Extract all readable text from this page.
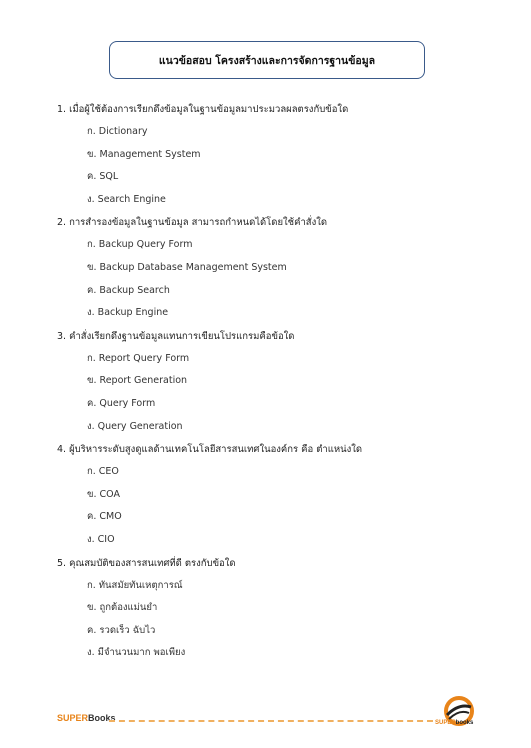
แนวข้อสอบ โครงสร้างและการจัดการฐานข้อมูล
1. เมื่อผู้ใช้ต้องการเรียกดึงข้อมูลในฐานข้อมูลมาประมวลผลตรงกับข้อใด
ก. Dictionary
ข. Management System
ค. SQL
ง. Search Engine
2. การสำรองข้อมูลในฐานข้อมูล สามารถกำหนดได้โดยใช้คำสั่งใด
ก. Backup Query Form
ข. Backup Database Management System
ค. Backup Search
ง. Backup Engine
3. คำสั่งเรียกดึงฐานข้อมูลแทนการเขียนโปรแกรมคือข้อใด
ก. Report Query Form
ข. Report Generation
ค. Query Form
ง. Query Generation
4. ผู้บริหารระดับสูงดูแลด้านเทคโนโลยีสารสนเทศในองค์กร คือ ตำแหน่งใด
ก. CEO
ข. COA
ค. CMO
ง. CIO
5. คุณสมบัติของสารสนเทศที่ดี ตรงกับข้อใด
ก. ทันสมัยทันเหตุการณ์
ข. ถูกต้องแม่นยำ
ค. รวดเร็ว ฉับไว
ง. มีจำนวนมาก พอเพียง
SUPERBooks	SUPERbooks
